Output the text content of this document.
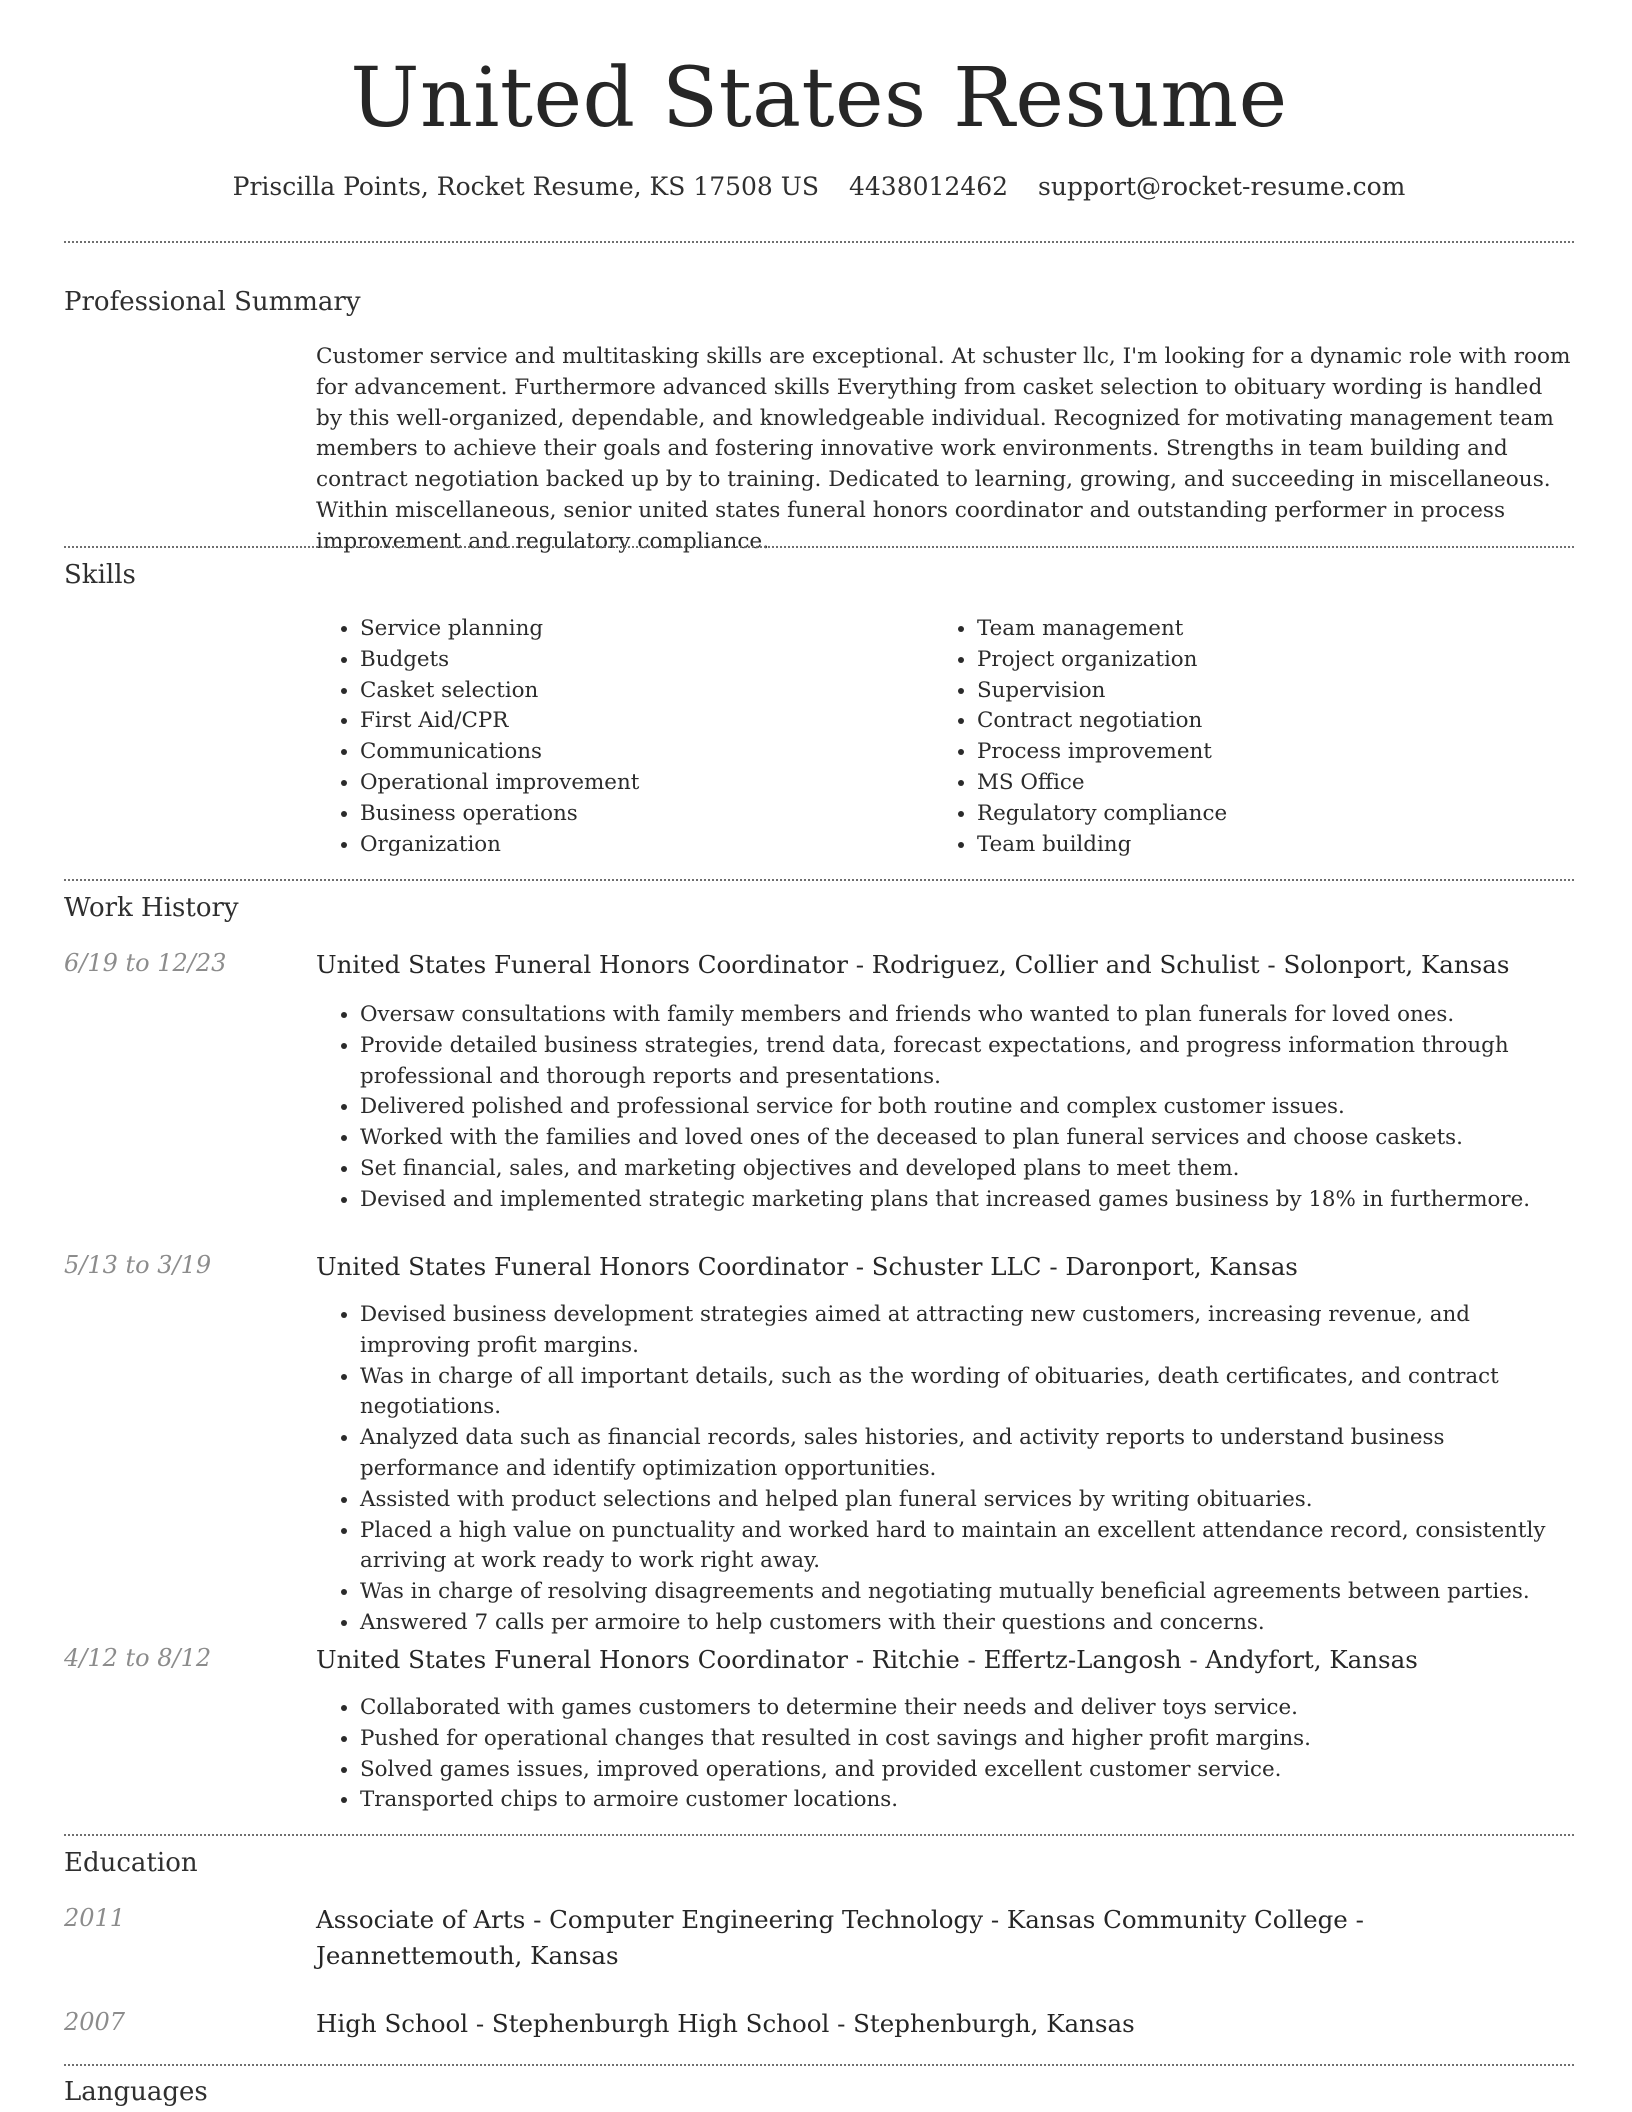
United States Resume
Priscilla Points, Rocket Resume, KS 17508 US 4438012462 support@rocket-resume.com
Professional Summary

Customer service and multitasking skills are exceptional. At schuster llc, I'm looking for a dynamic role with room for advancement. Furthermore advanced skills Everything from casket selection to obituary wording is handled by this well-organized, dependable, and knowledgeable individual. Recognized for motivating management team members to achieve their goals and fostering innovative work environments. Strengths in team building and contract negotiation backed up by to training. Dedicated to learning, growing, and succeeding in miscellaneous. Within miscellaneous, senior united states funeral honors coordinator and outstanding performer in process improvement and regulatory compliance.

Skills
• Service planning
• Budgets
• Casket selection
• First Aid/CPR
• Communications
• Operational improvement
• Business operations
• Organization
• Team management
• Project organization
• Supervision
• Contract negotiation
• Process improvement
• MS Office
• Regulatory compliance
• Team building
Work History
6/19 to 12/23	United States Funeral Honors Coordinator - Rodriguez, Collier and Schulist - Solonport, Kansas
• Oversaw consultations with family members and friends who wanted to plan funerals for loved ones.
• Provide detailed business strategies, trend data, forecast expectations, and progress information through professional and thorough reports and presentations.
• Delivered polished and professional service for both routine and complex customer issues.
• Worked with the families and loved ones of the deceased to plan funeral services and choose caskets.
• Set financial, sales, and marketing objectives and developed plans to meet them.
• Devised and implemented strategic marketing plans that increased games business by 18% in furthermore.
5/13 to 3/19	United States Funeral Honors Coordinator - Schuster LLC - Daronport, Kansas
• Devised business development strategies aimed at attracting new customers, increasing revenue, and improving profit margins.
• Was in charge of all important details, such as the wording of obituaries, death certificates, and contract negotiations.
• Analyzed data such as financial records, sales histories, and activity reports to understand business performance and identify optimization opportunities.
• Assisted with product selections and helped plan funeral services by writing obituaries.
• Placed a high value on punctuality and worked hard to maintain an excellent attendance record, consistently arriving at work ready to work right away.
• Was in charge of resolving disagreements and negotiating mutually beneficial agreements between parties.
• Answered 7 calls per armoire to help customers with their questions and concerns.
4/12 to 8/12	United States Funeral Honors Coordinator - Ritchie - Effertz-Langosh - Andyfort, Kansas
• Collaborated with games customers to determine their needs and deliver toys service.
• Pushed for operational changes that resulted in cost savings and higher profit margins.
• Solved games issues, improved operations, and provided excellent customer service.
• Transported chips to armoire customer locations.
Education
2011	Associate of Arts - Computer Engineering Technology - Kansas Community College - Jeannettemouth, Kansas
2007	High School - Stephenburgh High School - Stephenburgh, Kansas
Languages
